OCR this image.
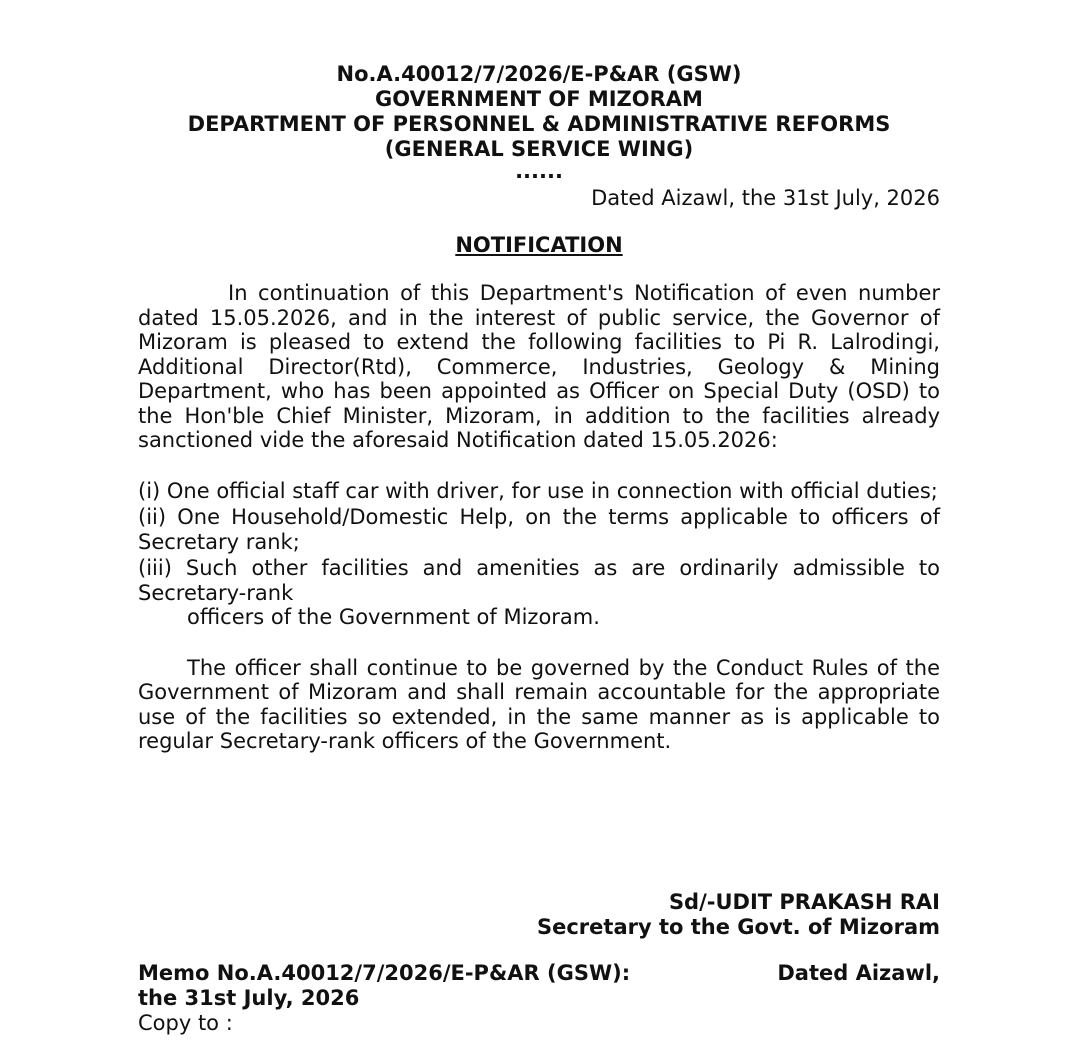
No.A.40012/7/2026/E-P&AR (GSW)
GOVERNMENT OF MIZORAM
DEPARTMENT OF PERSONNEL & ADMINISTRATIVE REFORMS
(GENERAL SERVICE WING)
......
Dated Aizawl, the 31st July, 2026
NOTIFICATION

In continuation of this Department's Notification of even number dated 15.05.2026, and in the interest of public service, the Governor of Mizoram is pleased to extend the following facilities to Pi R. Lalrodingi, Additional Director(Rtd), Commerce, Industries, Geology & Mining Department, who has been appointed as Officer on Special Duty (OSD) to the Hon'ble Chief Minister, Mizoram, in addition to the facilities already sanctioned vide the aforesaid Notification dated 15.05.2026:

(i) One official staff car with driver, for use in connection with official duties;

(ii) One Household/Domestic Help, on the terms applicable to officers of Secretary rank;

(iii) Such other facilities and amenities as are ordinarily admissible to Secretary-rank

officers of the Government of Mizoram.

The officer shall continue to be governed by the Conduct Rules of the Government of Mizoram and shall remain accountable for the appropriate use of the facilities so extended, in the same manner as is applicable to regular Secretary-rank officers of the Government.

Sd/-UDIT PRAKASH RAI
Secretary to the Govt. of Mizoram
Memo No.A.40012/7/2026/E-P&AR (GSW):	Dated Aizawl,
the 31st July, 2026
Copy to :
